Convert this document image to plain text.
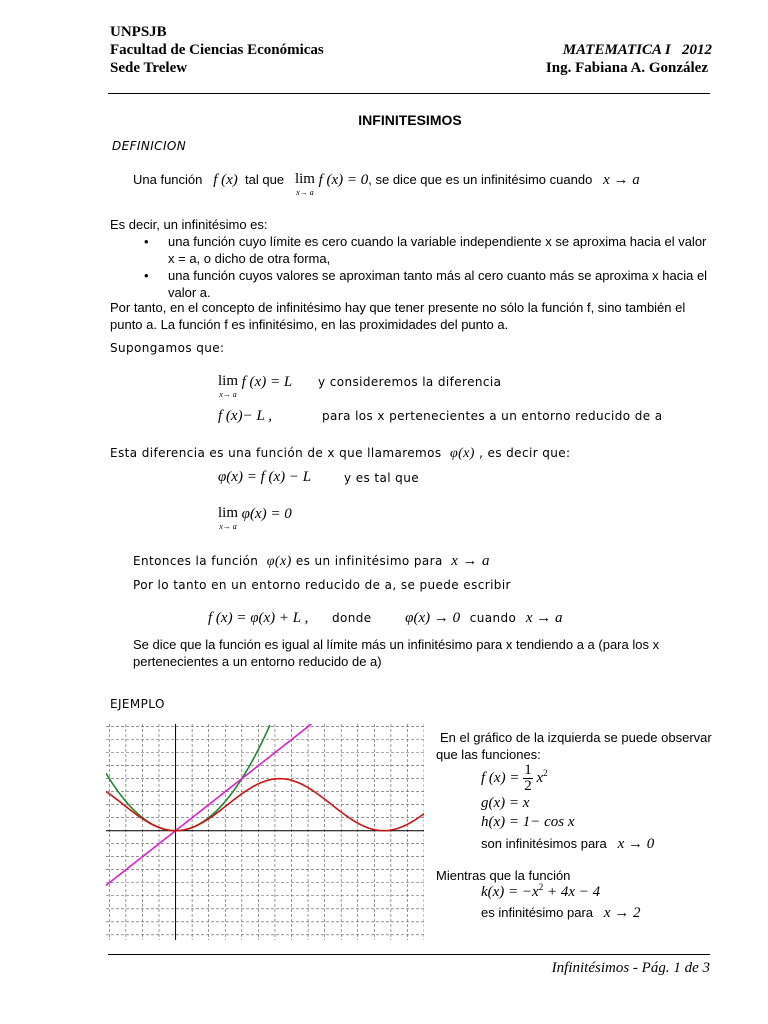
UNPSJB
Facultad de Ciencias Económicas
Sede Trelew
MATEMATICA I   2012
Ing. Fabiana A. González
INFINITESIMOS
DEFINICION
Una función f (x) tal que lim
x→ a
f (x) = 0, se dice que es un infinitésimo cuando x → a
Es decir, un infinitésimo es:
• una función cuyo límite es cero cuando la variable independiente x se aproxima hacia el valor x = a, o dicho de otra forma,
• una función cuyos valores se aproximan tanto más al cero cuanto más se aproxima x hacia el valor a.
Por tanto, en el concepto de infinitésimo hay que tener presente no sólo la función f, sino también el punto a. La función f es infinitésimo, en las proximidades del punto a.
Supongamos que:
lim
x→ a
f (x) = L y consideremos la diferencia
f (x)− L ,	para los x pertenecientes a un entorno reducido de a
Esta diferencia es una función de x que llamaremos φ(x) , es decir que:
φ(x) = f (x) − L	y es tal que
lim
x→ a
φ(x) = 0
Entonces la función φ(x) es un infinitésimo para x → a
Por lo tanto en un entorno reducido de a, se puede escribir
f (x) = φ(x) + L , donde φ(x) → 0 cuando x → a
Se dice que la función es igual al límite más un infinitésimo para x tendiendo a a (para los x pertenecientes a un entorno reducido de a)
EJEMPLO
En el gráfico de la izquierda se puede observar que las funciones:
f $(x) = \frac{1}{2} x^2$
g(x) = x
h(x) = 1− cos x
son infinitésimos para x → 0
Mientras que la función
$k(x) = -x^2 + 4x - 4$
es infinitésimo para x → 2
Infinitésimos - Pág. 1 de 3
